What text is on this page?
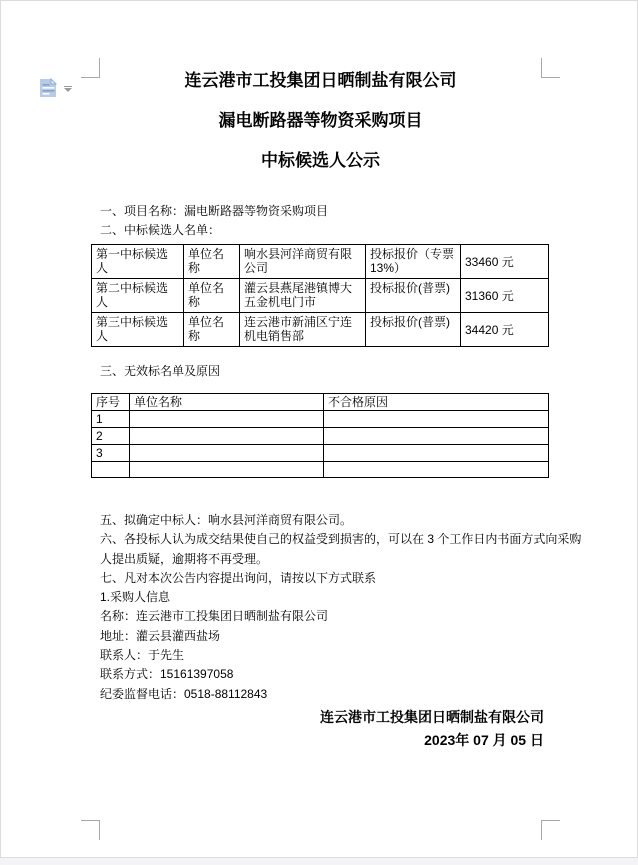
连云港市工投集团日晒制盐有限公司
漏电断路器等物资采购项目
中标候选人公示
一、项目名称：漏电断路器等物资采购项目
二、中标候选人名单：
第一中标候选人	单位名称	响水县河洋商贸有限公司	投标报价（专票13%）	33460 元
第二中标候选人	单位名称	灌云县燕尾港镇博大五金机电门市	投标报价(普票)	31360 元
第三中标候选人	单位名称	连云港市新浦区宁连机电销售部	投标报价(普票)	34420 元
三、无效标名单及原因
序号	单位名称	不合格原因
1		
2		
3		

五、拟确定中标人：响水县河洋商贸有限公司。
六、各投标人认为成交结果使自己的权益受到损害的，可以在 3 个工作日内书面方式向采购
人提出质疑，逾期将不再受理。
七、凡对本次公告内容提出询问，请按以下方式联系
1.采购人信息
名称：连云港市工投集团日晒制盐有限公司
地址：灌云县灌西盐场
联系人：于先生
联系方式：15161397058
纪委监督电话：0518-88112843
连云港市工投集团日晒制盐有限公司
2023年 07 月 05 日
